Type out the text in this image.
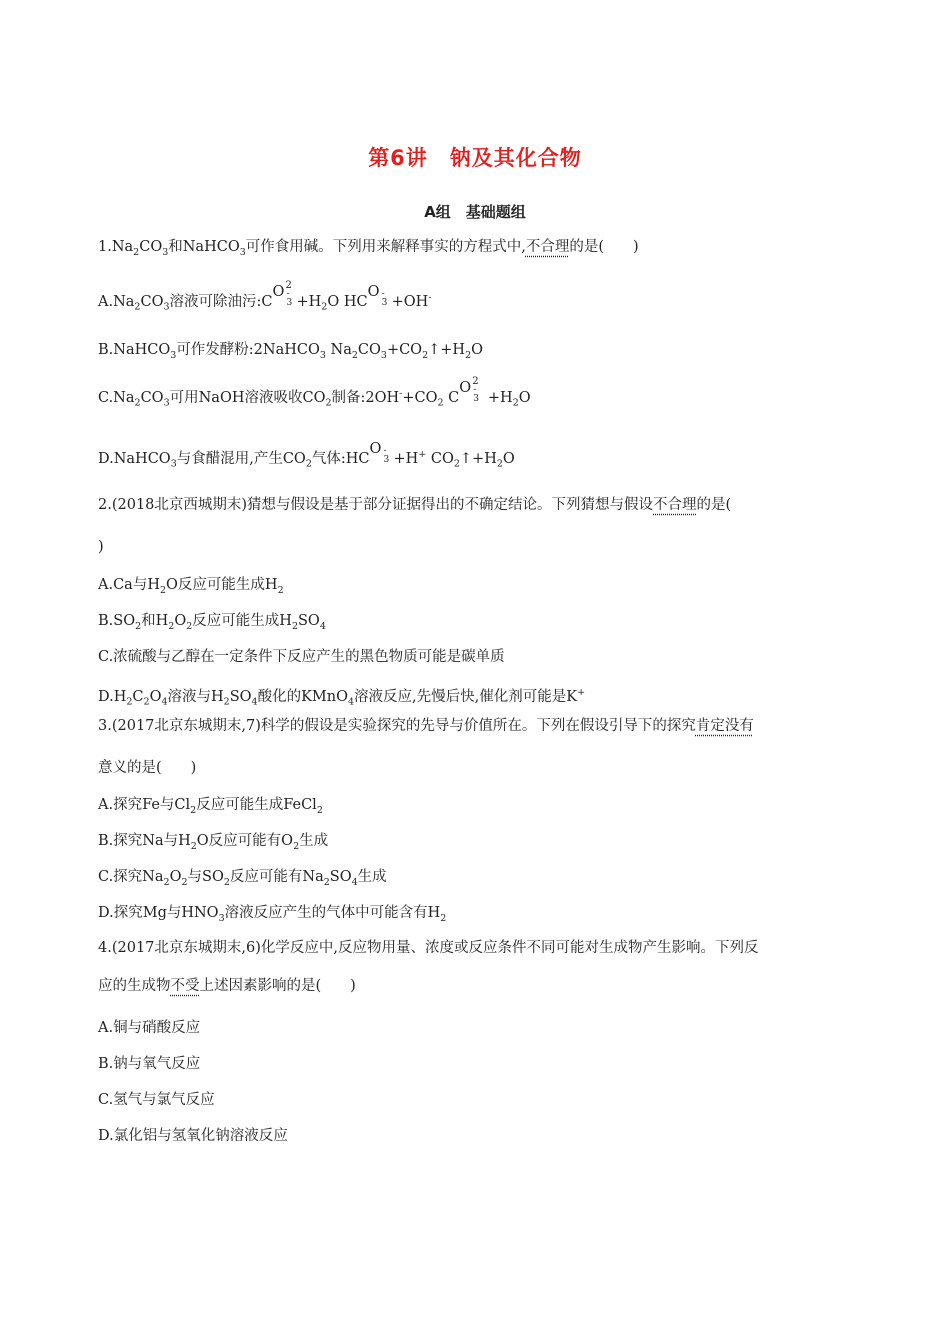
第6讲　钠及其化合物
A组　基础题组
$1.Na_2CO_3$和NaHCO$_3$可作食用碱。下列用来解释事实的方程式中,不合理的是(　　)
$A.Na_2CO_3$溶液可除油污:C
O 2
-
$3 +H_2O$ HC
O -
3 +OH-
B.NaHCO$_3$可作发酵粉:2NaHCO$_3$ $Na_2CO_3+CO_2↑+H_2O$
$C.Na_2CO_3$可用NaOH溶液吸收$CO_2$制备$:2OH^-+CO_2$ C
O 2
-
$3 +H_2O$
D.NaHCO$_3$与食醋混用,产生$CO_2$气体:HC
O -
3 +H+ $CO_2↑+H_2O$
2.(2018北京西城期末)猜想与假设是基于部分证据得出的不确定结论。下列猜想与假设不合理的是(
)
A.Ca与$H_2O$反应可能生成$H_2$
$B.SO_2$和$H_2O_2$反应可能生成$H_2SO_4$
C.浓硫酸与乙醇在一定条件下反应产生的黑色物质可能是碳单质
$D.H_2C_2O_4$溶液与$H_2SO_4$酸化的KMnO$_4$溶液反应,先慢后快,催化剂可能是K+
3.(2017北京东城期末,7)科学的假设是实验探究的先导与价值所在。下列在假设引导下的探究肯定没有
意义的是(　　)
A.探究Fe与$Cl_2$反应可能生成FeCl$_2$
B.探究Na与$H_2O$反应可能有$O_2$生成
C.探究$Na_2O_2$与$SO_2$反应可能有$Na_2SO_4$生成
D.探究Mg与$HNO_3$溶液反应产生的气体中可能含有$H_2$
4.(2017北京东城期末,6)化学反应中,反应物用量、浓度或反应条件不同可能对生成物产生影响。下列反
应的生成物不受上述因素影响的是(　　)
A.铜与硝酸反应
B.钠与氧气反应
C.氢气与氯气反应
D.氯化铝与氢氧化钠溶液反应
